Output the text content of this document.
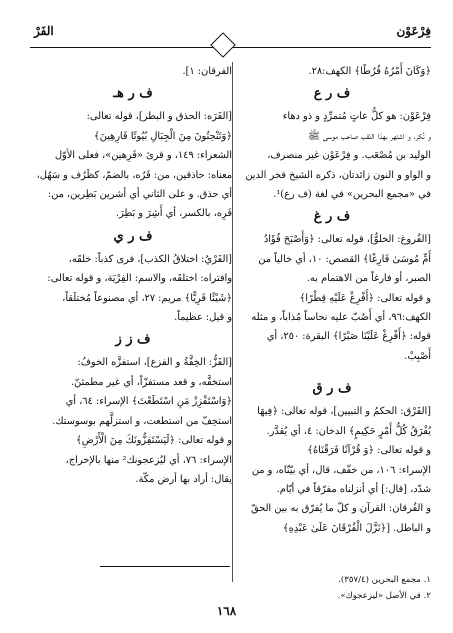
فِرْعَوْن
الفَرْ
﴿وَكَانَ أَمْرُهُ فُرُطًا﴾ الكهف:٢٨.
ف ر ع
فِرْعَوْن: هو كلُّ عاتٍ مُتمرِّدٍ و ذو دهاء
و نُكر، و اشتهر بهذا اللقب صاحب موسى ﷺ
الوليد بن مُصْعَب. و فِرْعَوْن غير منصرف،
و الواو و النون زائدتان، ذكره الشيخ فخر الدين
في «مجمع البحرين» في لغة (ف رع)¹.
ف ر غ
[الفُروغ: الخلوُّ]، قوله تعالى: ﴿وَأَصْبَحَ فُؤَادُ
أُمِّ مُوسَىٰ فَارِغًا﴾ القصص: ١٠، أي خالياً من
الصبر، أو فارغاً من الاهتمام به.
و قوله تعالى: ﴿أُفْرِغْ عَلَيْهِ قِطْرًا﴾
الكهف:٩٦، أي أَصُبّ عليه نحاساً مُذاباً، و مثله
قوله: ﴿أَفْرِغْ عَلَيْنَا صَبْرًا﴾ البقرة: ٢٥٠، أي
أَصْبِبْ.
ف ر ق
[الفَرْق: الحكمُ و التبيين]، قوله تعالى: ﴿فِيهَا
يُفْرَقُ كُلُّ أَمْرٍ حَكِيمٍ﴾ الدخان: ٤، أي يُقدَّر.
و قوله تعالى: ﴿وَ قُرْآنًا فَرَقْنَاهُ﴾
الإسراء: ١٠٦، من خفّف، قال، أي بيّنّاه، و من
شدّد، [قال:] أي أنزلناه مفرّقاً في أيّام.
و الفُرقان: القرآن و كلّ ما يُفرّق به بين الحقّ
و الباطل. [﴿نَزَّلَ الْفُرْقَانَ عَلَىٰ عَبْدِهِ﴾
الفرقان: ١].
ف ر هـ
[الفَرَه: الحذق و البطر]، قوله تعالى:
﴿وَتَنْحِتُونَ مِنَ الْجِبَالِ بُيُوتًا فَارِهِينَ﴾
الشعراء: ١٤٩، و قرئ «فَرِهين»، فعلى الأوّل
معناه: حاذقين، من: فَرُه، بالضمّ، كظَرُف و سَهُل،
أي حذق. و على الثاني أي أشرين بَطِرين، من:
فَرِه، بالكسر، أي أَشِرَ و بَطِرَ.
ف ر ي
[الفَرْيُ: اختلاقُ الكذب]، فرى كذباً: خلقَه،
وافتراه: اختلقَه، والاسم: الفِرْيَة، و قوله تعالى:
﴿شَيْئًا فَرِيًّا﴾ مريم: ٢٧، أي مصنوعاً مُختلَقاً،
و قيل: عظيماً.
ف ز ز
[الفَزُّ: الخِفَّةُ و الفزع]، استفزَّه الخوفُ:
استخفَّه، و قعد مستفزّاً، أي غير مطمئنّ.
﴿وَاسْتَفْزِزْ مَنِ اسْتَطَعْتَ﴾ الإسراء: ٦٤، أي
استخِفّ من استطعت، و استزلَّهم بوسوستك.
و قوله تعالى: ﴿لَيَسْتَفِزُّونَكَ مِنَ الْأَرْضِ﴾
الإسراء: ٧٦، أي ليُزعجونك² منها بالإخراج،
يقال: أراد بها أرض مكّة.
١. مجمع البحرين (٣٥٧/٤).
٢. في الأصل «ليزعجوك».
١٦٨
